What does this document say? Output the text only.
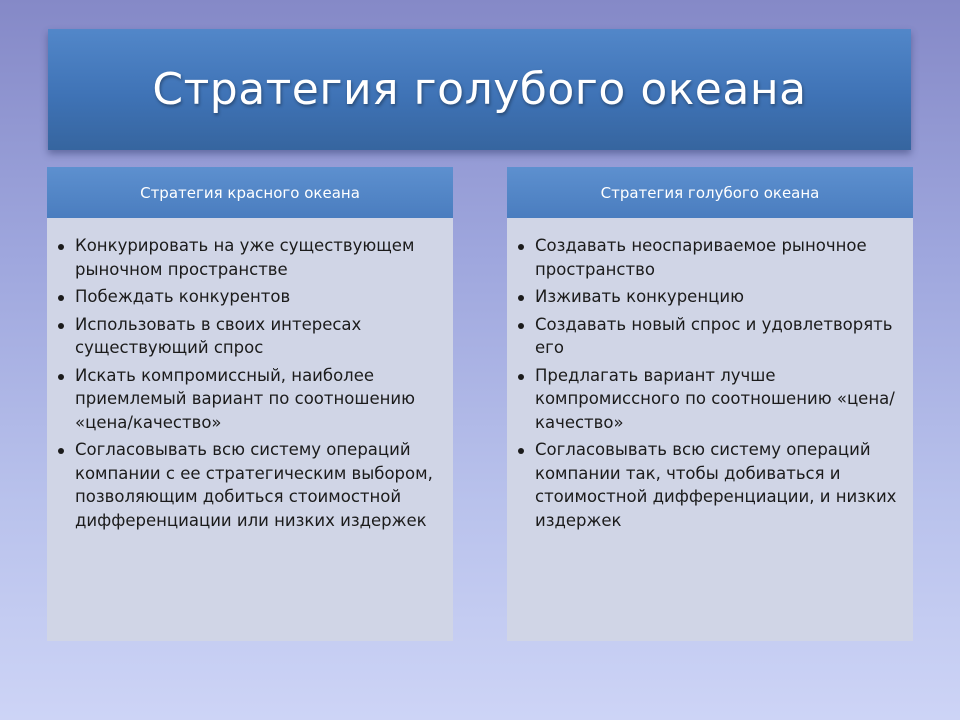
Стратегия голубого океана
Стратегия красного океана
Конкурировать на уже существующем рыночном пространстве
Побеждать конкурентов
Использовать в своих интересах существующий спрос
Искать компромиссный, наиболее приемлемый вариант по соотношению «цена/качество»
Согласовывать всю систему операций компании с ее стратегическим выбором, позволяющим добиться стоимостной дифференциации или низких издержек
Стратегия голубого океана
Создавать неоспариваемое рыночное пространство
Изживать конкуренцию
Создавать новый спрос и удовлетворять его
Предлагать вариант лучше компромиссного по соотношению «цена/качество»
Согласовывать всю систему операций компании так, чтобы добиваться и стоимостной дифференциации, и низких издержек
